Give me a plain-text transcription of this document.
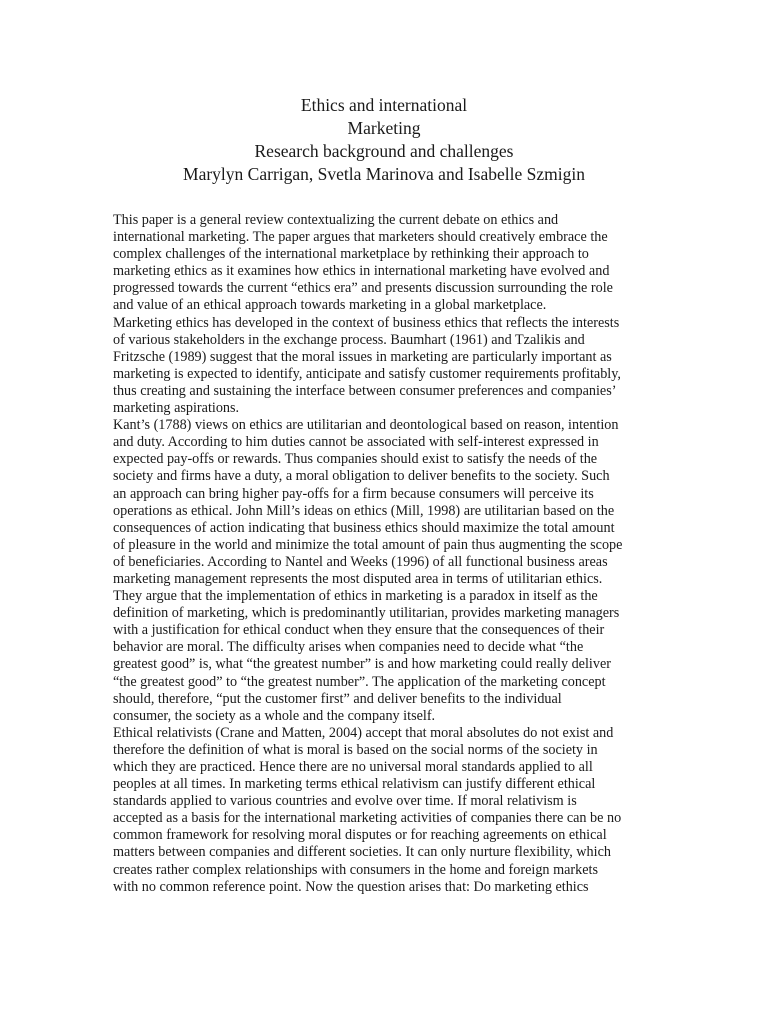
Ethics and international
Marketing
Research background and challenges
Marylyn Carrigan, Svetla Marinova and Isabelle Szmigin
This paper is a general review contextualizing the current debate on ethics and
international marketing. The paper argues that marketers should creatively embrace the
complex challenges of the international marketplace by rethinking their approach to
marketing ethics as it examines how ethics in international marketing have evolved and
progressed towards the current “ethics era” and presents discussion surrounding the role
and value of an ethical approach towards marketing in a global marketplace.
Marketing ethics has developed in the context of business ethics that reflects the interests
of various stakeholders in the exchange process. Baumhart (1961) and Tzalikis and
Fritzsche (1989) suggest that the moral issues in marketing are particularly important as
marketing is expected to identify, anticipate and satisfy customer requirements profitably,
thus creating and sustaining the interface between consumer preferences and companies’
marketing aspirations.
Kant’s (1788) views on ethics are utilitarian and deontological based on reason, intention
and duty. According to him duties cannot be associated with self-interest expressed in
expected pay-offs or rewards. Thus companies should exist to satisfy the needs of the
society and firms have a duty, a moral obligation to deliver benefits to the society. Such
an approach can bring higher pay-offs for a firm because consumers will perceive its
operations as ethical. John Mill’s ideas on ethics (Mill, 1998) are utilitarian based on the
consequences of action indicating that business ethics should maximize the total amount
of pleasure in the world and minimize the total amount of pain thus augmenting the scope
of beneficiaries. According to Nantel and Weeks (1996) of all functional business areas
marketing management represents the most disputed area in terms of utilitarian ethics.
They argue that the implementation of ethics in marketing is a paradox in itself as the
definition of marketing, which is predominantly utilitarian, provides marketing managers
with a justification for ethical conduct when they ensure that the consequences of their
behavior are moral. The difficulty arises when companies need to decide what “the
greatest good” is, what “the greatest number” is and how marketing could really deliver
“the greatest good” to “the greatest number”. The application of the marketing concept
should, therefore, “put the customer first” and deliver benefits to the individual
consumer, the society as a whole and the company itself.
Ethical relativists (Crane and Matten, 2004) accept that moral absolutes do not exist and
therefore the definition of what is moral is based on the social norms of the society in
which they are practiced. Hence there are no universal moral standards applied to all
peoples at all times. In marketing terms ethical relativism can justify different ethical
standards applied to various countries and evolve over time. If moral relativism is
accepted as a basis for the international marketing activities of companies there can be no
common framework for resolving moral disputes or for reaching agreements on ethical
matters between companies and different societies. It can only nurture flexibility, which
creates rather complex relationships with consumers in the home and foreign markets
with no common reference point. Now the question arises that: Do marketing ethics
